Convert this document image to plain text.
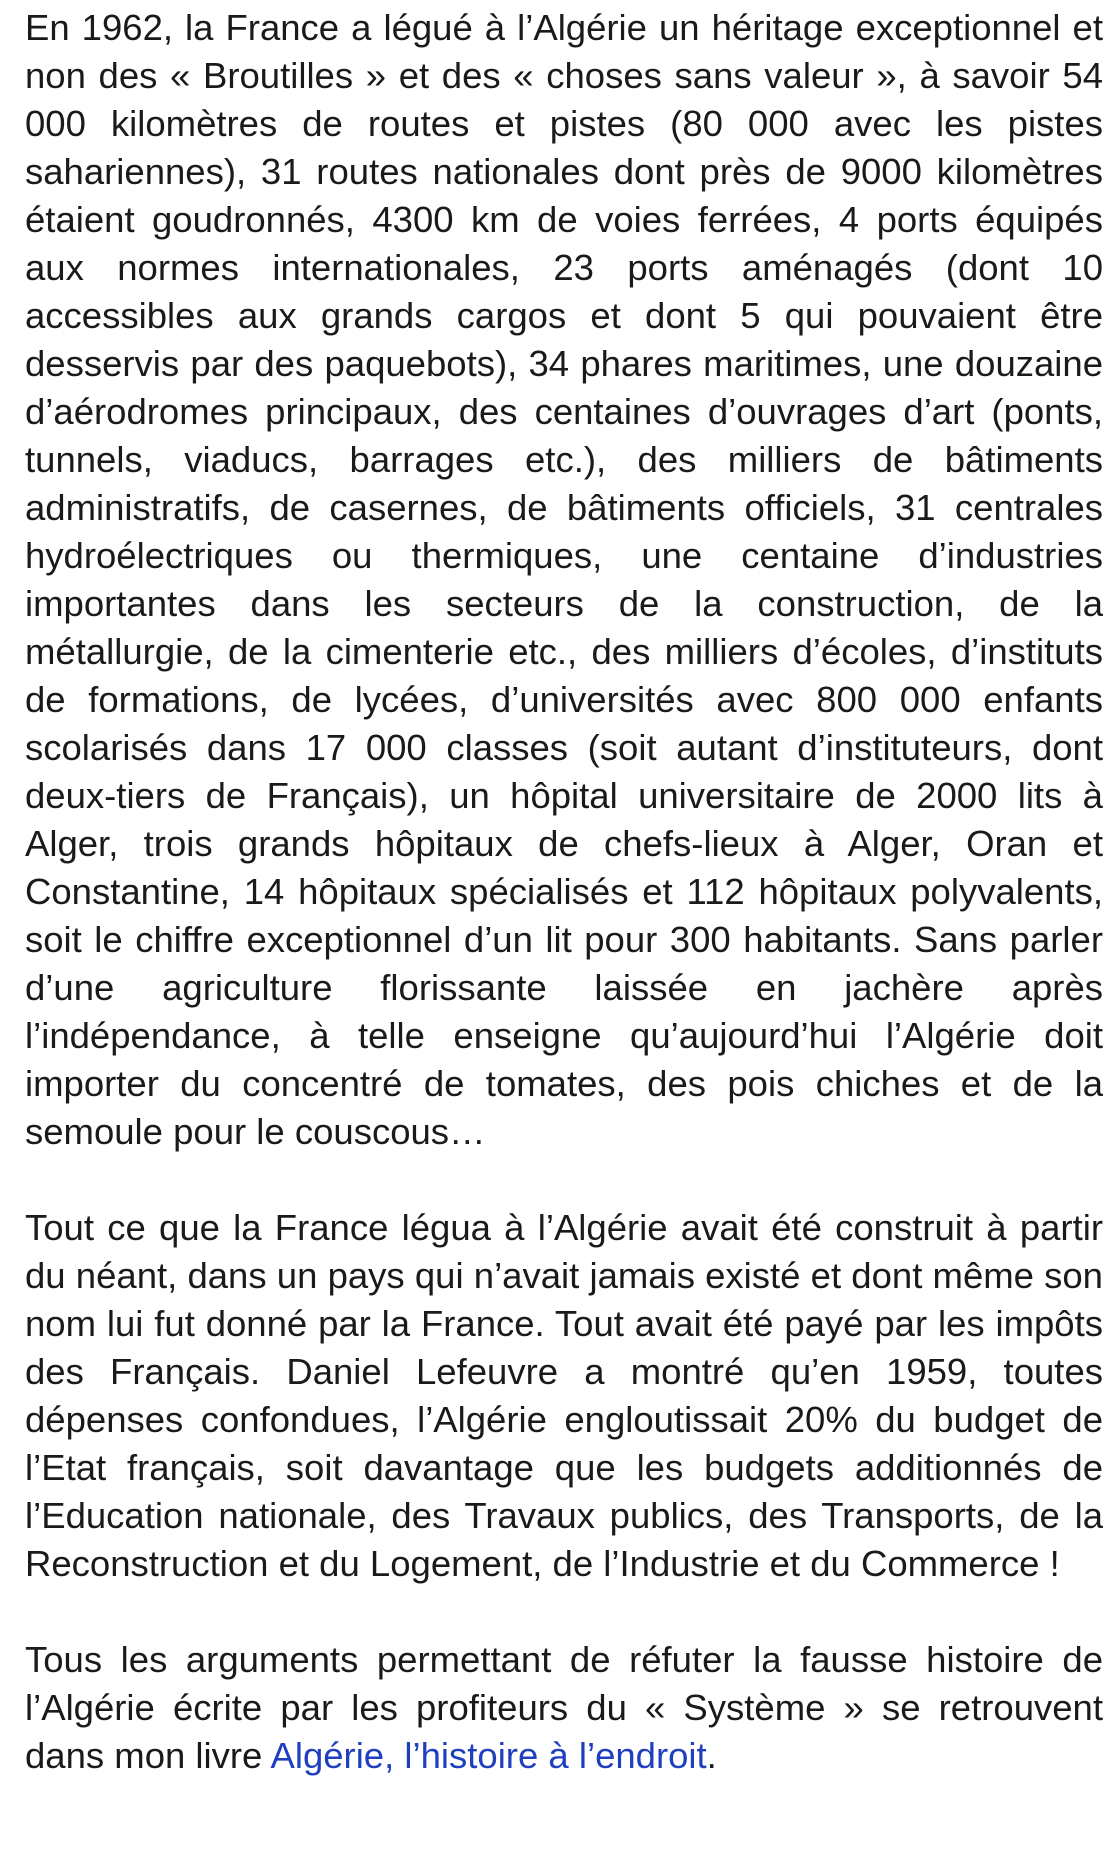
En 1962, la France a légué à l’Algérie un héritage exceptionnel et non des « Broutilles » et des « choses sans valeur », à savoir 54 000 kilomètres de routes et pistes (80 000 avec les pistes sahariennes), 31 routes nationales dont près de 9000 kilomètres étaient goudronnés, 4300 km de voies ferrées, 4 ports équipés aux normes internationales, 23 ports aménagés (dont 10 accessibles aux grands cargos et dont 5 qui pouvaient être desservis par des paquebots), 34 phares maritimes, une douzaine d’aérodromes principaux, des centaines d’ouvrages d’art (ponts, tunnels, viaducs, barrages etc.), des milliers de bâtiments administratifs, de casernes, de bâtiments officiels, 31 centrales hydroélectriques ou thermiques, une centaine d’industries importantes dans les secteurs de la construction, de la métallurgie, de la cimenterie etc., des milliers d’écoles, d’instituts de formations, de lycées, d’universités avec 800 000 enfants scolarisés dans 17 000 classes (soit autant d’instituteurs, dont deux-tiers de Français), un hôpital universitaire de 2000 lits à Alger, trois grands hôpitaux de chefs-lieux à Alger, Oran et Constantine, 14 hôpitaux spécialisés et 112 hôpitaux polyvalents, soit le chiffre exceptionnel d’un lit pour 300 habitants. Sans parler d’une agriculture florissante laissée en jachère après l’indépendance, à telle enseigne qu’aujourd’hui l’Algérie doit importer du concentré de tomates, des pois chiches et de la semoule pour le couscous…

Tout ce que la France légua à l’Algérie avait été construit à partir du néant, dans un pays qui n’avait jamais existé et dont même son nom lui fut donné par la France. Tout avait été payé par les impôts des Français. Daniel Lefeuvre a montré qu’en 1959, toutes dépenses confondues, l’Algérie engloutissait 20% du budget de l’Etat français, soit davantage que les budgets additionnés de l’Education nationale, des Travaux publics, des Transports, de la Reconstruction et du Logement, de l’Industrie et du Commerce !

Tous les arguments permettant de réfuter la fausse histoire de l’Algérie écrite par les profiteurs du « Système » se retrouvent dans mon livre Algérie, l’histoire à l’endroit.
